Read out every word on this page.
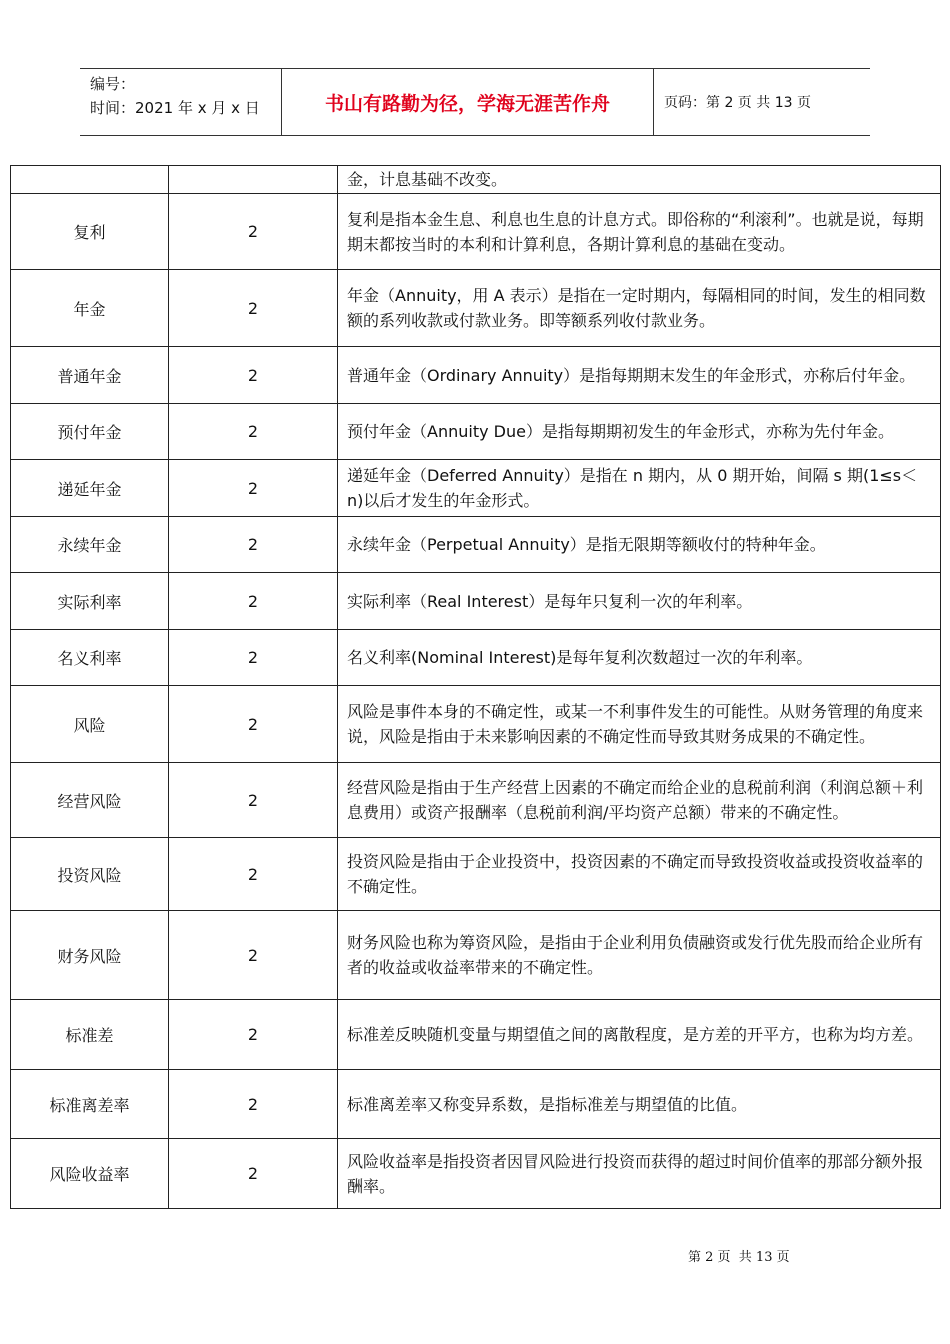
编号：
时间：2021 年 x 月 x 日	书山有路勤为径，学海无涯苦作舟	页码：第 2 页 共 13 页
		金，计息基础不改变。
复利	2	复利是指本金生息、利息也生息的计息方式。即俗称的“利滚利”。也就是说，每期期末都按当时的本利和计算利息，各期计算利息的基础在变动。
年金	2	年金（Annuity，用 A 表示）是指在一定时期内，每隔相同的时间，发生的相同数额的系列收款或付款业务。即等额系列收付款业务。
普通年金	2	普通年金（Ordinary Annuity）是指每期期末发生的年金形式，亦称后付年金。
预付年金	2	预付年金（Annuity Due）是指每期期初发生的年金形式，亦称为先付年金。
递延年金	2	递延年金（Deferred Annuity）是指在 n 期内，从 0 期开始，间隔 s 期(1≤s＜n)以后才发生的年金形式。
永续年金	2	永续年金（Perpetual Annuity）是指无限期等额收付的特种年金。
实际利率	2	实际利率（Real Interest）是每年只复利一次的年利率。
名义利率	2	名义利率(Nominal Interest)是每年复利次数超过一次的年利率。
风险	2	风险是事件本身的不确定性，或某一不利事件发生的可能性。从财务管理的角度来说，风险是指由于未来影响因素的不确定性而导致其财务成果的不确定性。
经营风险	2	经营风险是指由于生产经营上因素的不确定而给企业的息税前利润（利润总额＋利息费用）或资产报酬率（息税前利润/平均资产总额）带来的不确定性。
投资风险	2	投资风险是指由于企业投资中，投资因素的不确定而导致投资收益或投资收益率的不确定性。
财务风险	2	财务风险也称为筹资风险，是指由于企业利用负债融资或发行优先股而给企业所有者的收益或收益率带来的不确定性。
标准差	2	标准差反映随机变量与期望值之间的离散程度，是方差的开平方，也称为均方差。
标准离差率	2	标准离差率又称变异系数，是指标准差与期望值的比值。
风险收益率	2	风险收益率是指投资者因冒风险进行投资而获得的超过时间价值率的那部分额外报酬率。
第 2 页  共 13 页
